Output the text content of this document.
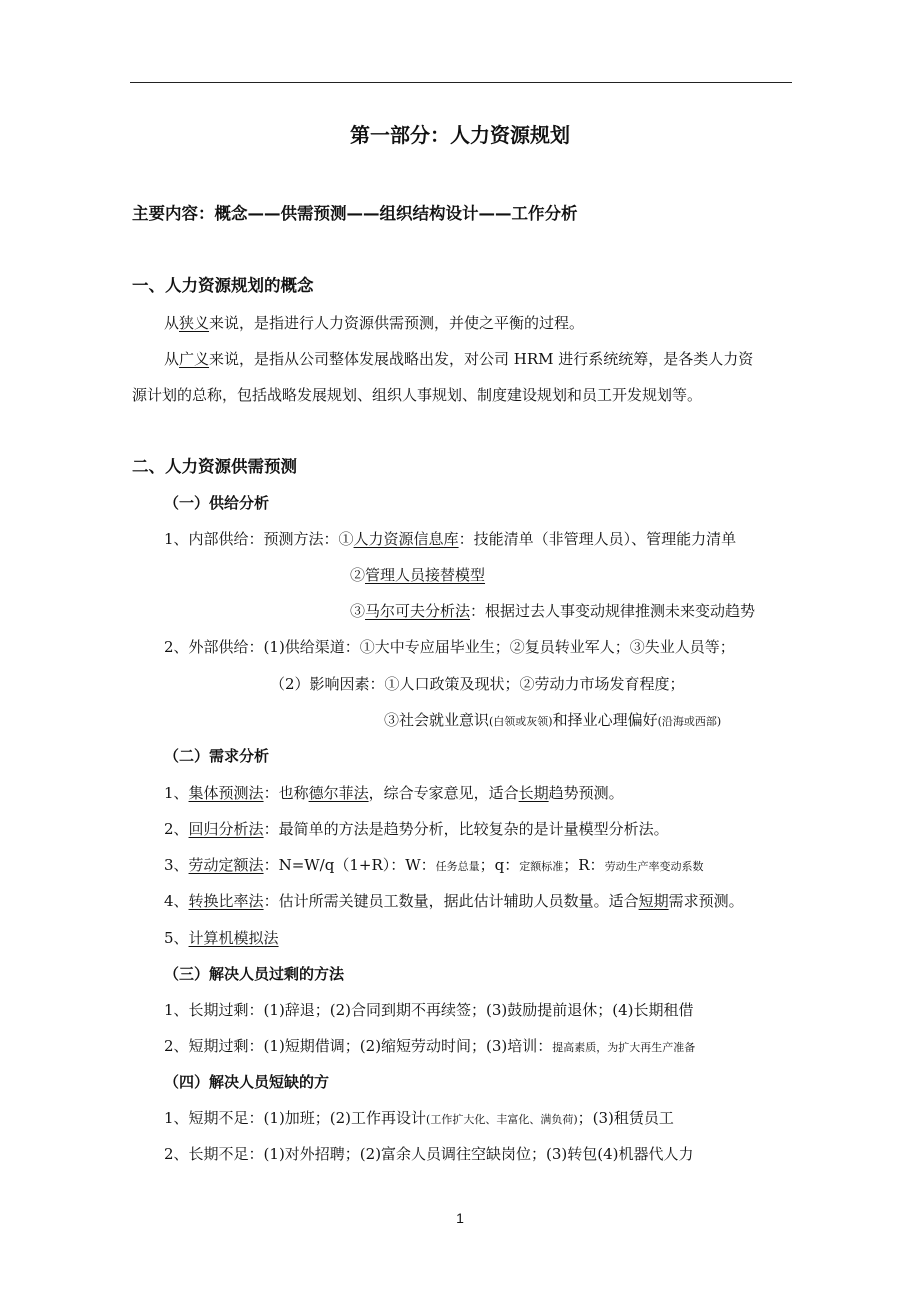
第一部分：人力资源规划
主要内容：概念——供需预测——组织结构设计——工作分析
一、人力资源规划的概念
从狭义来说，是指进行人力资源供需预测，并使之平衡的过程。
从广义来说，是指从公司整体发展战略出发，对公司 HRM 进行系统统筹，是各类人力资
源计划的总称，包括战略发展规划、组织人事规划、制度建设规划和员工开发规划等。
二、人力资源供需预测
（一）供给分析
1、内部供给：预测方法：①人力资源信息库：技能清单（非管理人员）、管理能力清单
②管理人员接替模型
③马尔可夫分析法：根据过去人事变动规律推测未来变动趋势
2、外部供给：(1)供给渠道：①大中专应届毕业生；②复员转业军人；③失业人员等；
（2）影响因素：①人口政策及现状；②劳动力市场发育程度；
③社会就业意识(白领或灰领)和择业心理偏好(沿海或西部)
（二）需求分析
1、集体预测法：也称德尔菲法，综合专家意见，适合长期趋势预测。
2、回归分析法：最简单的方法是趋势分析，比较复杂的是计量模型分析法。
3、劳动定额法：N=W/q（1+R）：W：任务总量；q：定额标准；R：劳动生产率变动系数
4、转换比率法：估计所需关键员工数量，据此估计辅助人员数量。适合短期需求预测。
5、计算机模拟法
（三）解决人员过剩的方法
1、长期过剩：(1)辞退；(2)合同到期不再续签；(3)鼓励提前退休；(4)长期租借
2、短期过剩：(1)短期借调；(2)缩短劳动时间；(3)培训：提高素质，为扩大再生产准备
（四）解决人员短缺的方
1、短期不足：(1)加班；(2)工作再设计(工作扩大化、丰富化、满负荷)；(3)租赁员工
2、长期不足：(1)对外招聘；(2)富余人员调往空缺岗位；(3)转包(4)机器代人力
1
